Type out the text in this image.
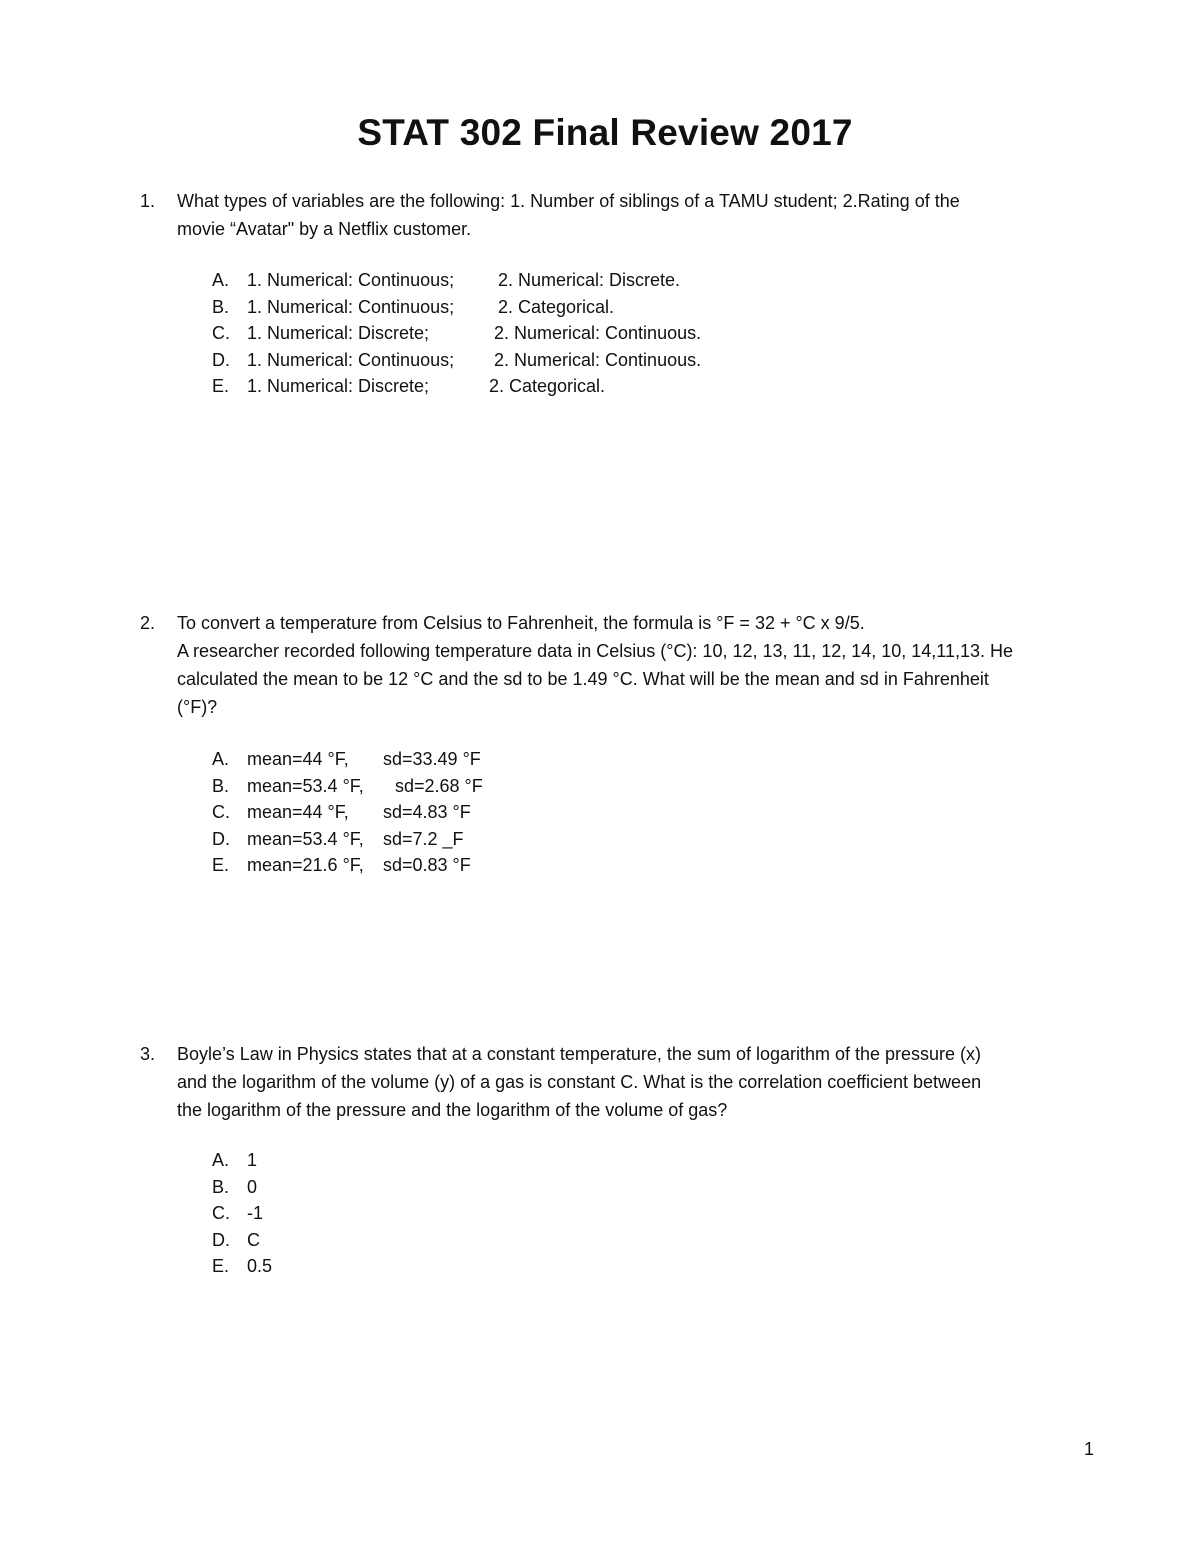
STAT 302 Final Review 2017
1.	What types of variables are the following: 1. Number of siblings of a TAMU student; 2.Rating of the
movie “Avatar" by a Netflix customer.
A. 1. Numerical: Continuous; 2. Numerical: Discrete.
B. 1. Numerical: Continuous; 2. Categorical.
C. 1. Numerical: Discrete;	2. Numerical: Continuous.
D. 1. Numerical: Continuous; 2. Numerical: Continuous.
E. 1. Numerical: Discrete;	2. Categorical.
2.	To convert a temperature from Celsius to Fahrenheit, the formula is °F = 32 + °C x 9/5.
A researcher recorded following temperature data in Celsius (°C): 10, 12, 13, 11, 12, 14, 10, 14,11,13. He
calculated the mean to be 12 °C and the sd to be 1.49 °C. What will be the mean and sd in Fahrenheit
(°F)?
A. mean=44 °F, sd=33.49 °F
B. mean=53.4 °F, sd=2.68 °F
C. mean=44 °F, sd=4.83 °F
D. mean=53.4 °F, sd=7.2 _F
E. mean=21.6 °F, sd=0.83 °F
3.	Boyle’s Law in Physics states that at a constant temperature, the sum of logarithm of the pressure (x)
and the logarithm of the volume (y) of a gas is constant C. What is the correlation coefficient between
the logarithm of the pressure and the logarithm of the volume of gas?
A. 1
B. 0
C. -1
D. C
E. 0.5
1
